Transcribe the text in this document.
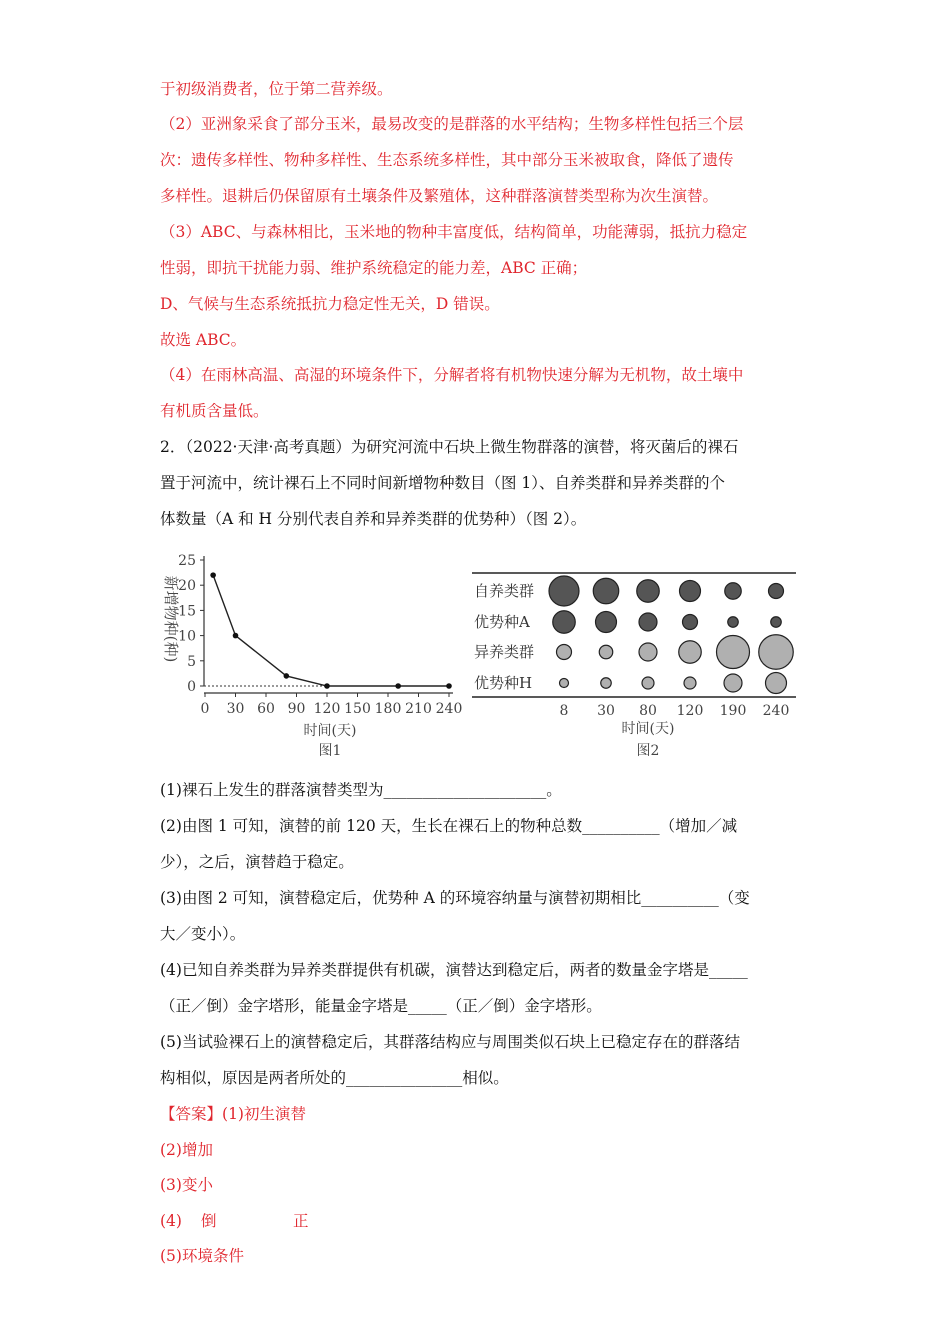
于初级消费者，位于第二营养级。
（2）亚洲象采食了部分玉米，最易改变的是群落的水平结构；生物多样性包括三个层
次：遗传多样性、物种多样性、生态系统多样性，其中部分玉米被取食，降低了遗传
多样性。退耕后仍保留原有土壤条件及繁殖体，这种群落演替类型称为次生演替。
（3）ABC、与森林相比，玉米地的物种丰富度低，结构简单，功能薄弱，抵抗力稳定
性弱，即抗干扰能力弱、维护系统稳定的能力差，ABC 正确；
D、气候与生态系统抵抗力稳定性无关，D 错误。
故选 ABC。
（4）在雨林高温、高湿的环境条件下，分解者将有机物快速分解为无机物，故土壤中
有机质含量低。
2．（2022·天津·高考真题）为研究河流中石块上微生物群落的演替，将灭菌后的裸石
置于河流中，统计裸石上不同时间新增物种数目（图 1）、自养类群和异养类群的个
体数量（A 和 H 分别代表自养和异养类群的优势种）（图 2）。
0
5
10
15
20
25
0 30 60 90 120 150 180 210 240
新增物种(种)
时间(天)
图1
自养类群
优势种A
异养类群
优势种H
8 30 80 120 190 240
时间(天)
图2
(1)裸石上发生的群落演替类型为_____________________。
(2)由图 1 可知，演替的前 120 天，生长在裸石上的物种总数__________（增加／减
少），之后，演替趋于稳定。
(3)由图 2 可知，演替稳定后，优势种 A 的环境容纳量与演替初期相比__________（变
大／变小）。
(4)已知自养类群为异养类群提供有机碳，演替达到稳定后，两者的数量金字塔是_____
（正／倒）金字塔形，能量金字塔是_____（正／倒）金字塔形。
(5)当试验裸石上的演替稳定后，其群落结构应与周围类似石块上已稳定存在的群落结
构相似，原因是两者所处的_______________相似。
【答案】(1)初生演替
(2)增加
(3)变小
(4) 倒	正
(5)环境条件
